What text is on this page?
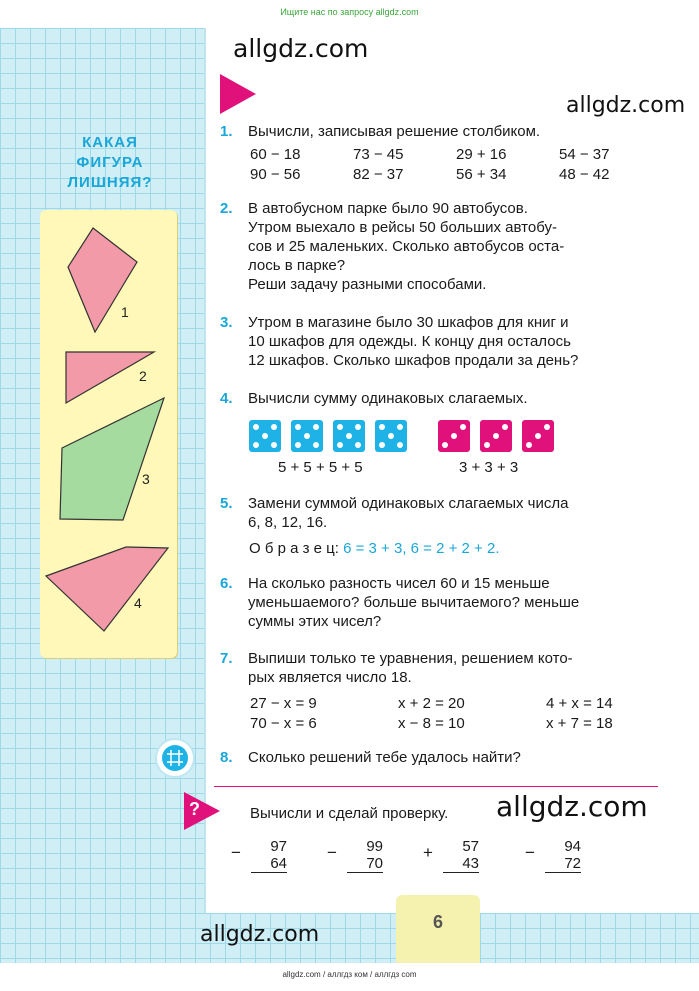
Ищите нас по запросу allgdz.com
allgdz.com
allgdz.com
allgdz.com
allgdz.com
КАКАЯ
ФИГУРА
ЛИШНЯЯ?
1
2
3
4
1. Вычисли, записывая решение столбиком.
60 − 18	73 − 45	29 + 16	54 − 37
90 − 56	82 − 37	56 + 34	48 − 42
2. В автобусном парке было 90 автобусов.
Утром выехало в рейсы 50 больших автобу-
сов и 25 маленьких. Сколько автобусов оста-
лось в парке?
Реши задачу разными способами.
3. Утром в магазине было 30 шкафов для книг и
10 шкафов для одежды. К концу дня осталось
12 шкафов. Сколько шкафов продали за день?
4. Вычисли сумму одинаковых слагаемых.
5 + 5 + 5 + 5	3 + 3 + 3
5. Замени суммой одинаковых слагаемых числа
6, 8, 12, 16.
О б р а з е ц: 6 = 3 + 3, 6 = 2 + 2 + 2.
6. На сколько разность чисел 60 и 15 меньше
уменьшаемого? больше вычитаемого? меньше
суммы этих чисел?
7. Выпиши только те уравнения, решением кото-
рых является число 18.
27 − x = 9	x + 2 = 20	4 + x = 14
70 − x = 6	x − 8 = 10	x + 7 = 18
8. Сколько решений тебе удалось найти?
?	Вычисли и сделай проверку.
−	97
64
−	99
70
+	57
43
−	94
72
6
allgdz.com / аллгдз ком / аллгдз com
